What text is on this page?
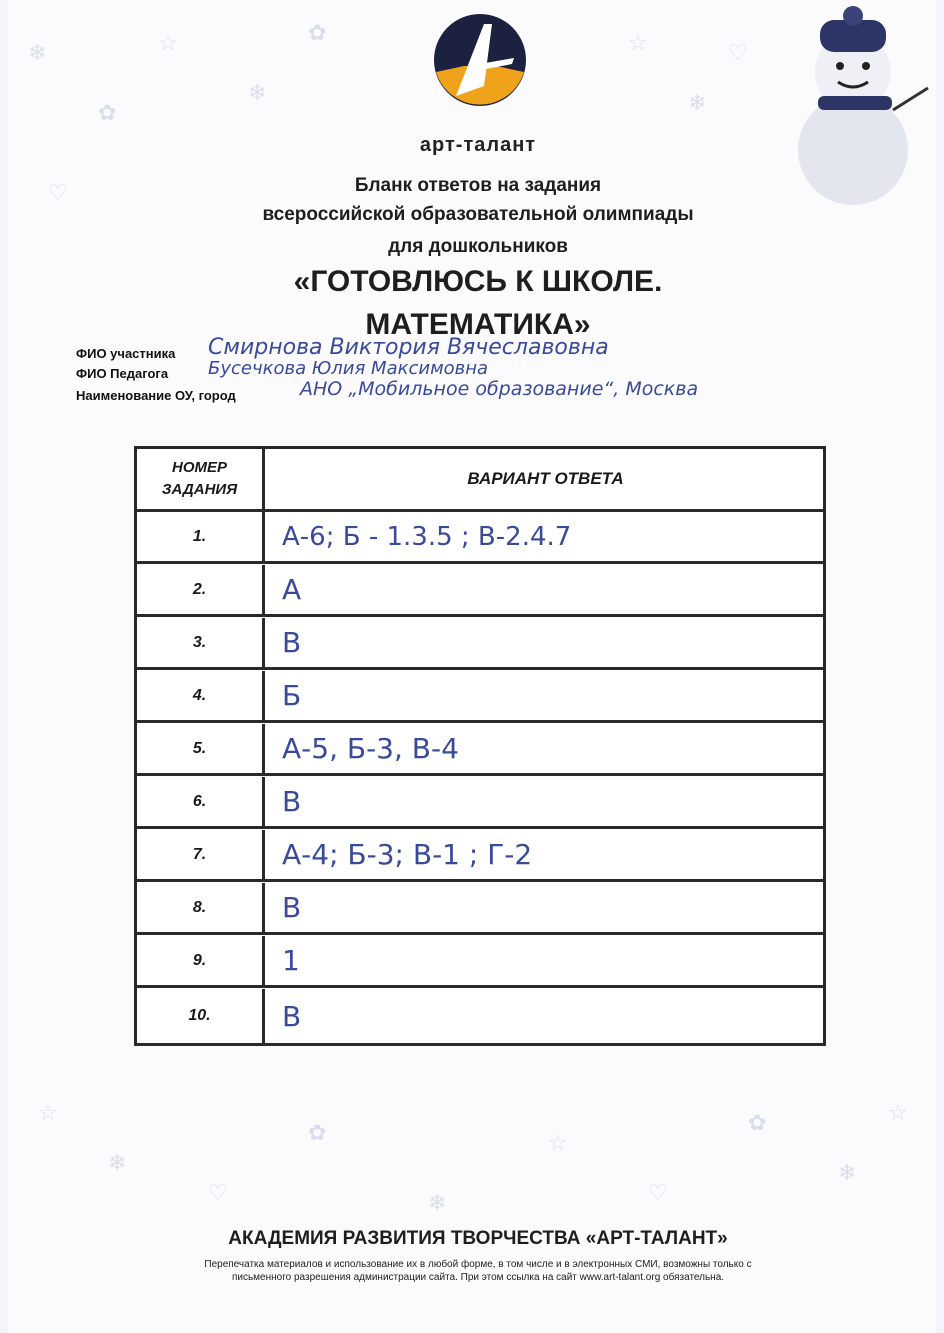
❄
✿
☆
♡
❄
✿	☆
❄
♡
☆
❄
♡
✿
❄
☆
♡
✿
❄
☆
арт-талант
Бланк ответов на задания
всероссийской образовательной олимпиады
для дошкольников
«ГОТОВЛЮСЬ К ШКОЛЕ.
МАТЕМАТИКА»
ФИО участника Смирнова Виктория Вячеславовна
ФИО Педагога Бусечкова Юлия Максимовна
Наименование ОУ, город	АНО „Мобильное образование“, Москва
НОМЕР
ЗАДАНИЯ
ВАРИАНТ ОТВЕТА
1.	А-6; Б - 1.3.5 ; В-2.4.7
2.	А
3.	В
4.	Б
5.	А-5, Б-3, В-4
6.	В
7.	А-4; Б-3; В-1 ; Г-2
8.	В
9.	1
10.	В
АКАДЕМИЯ РАЗВИТИЯ ТВОРЧЕСТВА «АРТ-ТАЛАНТ»
Перепечатка материалов и использование их в любой форме, в том числе и в электронных СМИ, возможны только с
письменного разрешения администрации сайта. При этом ссылка на сайт www.art-talant.org обязательна.
